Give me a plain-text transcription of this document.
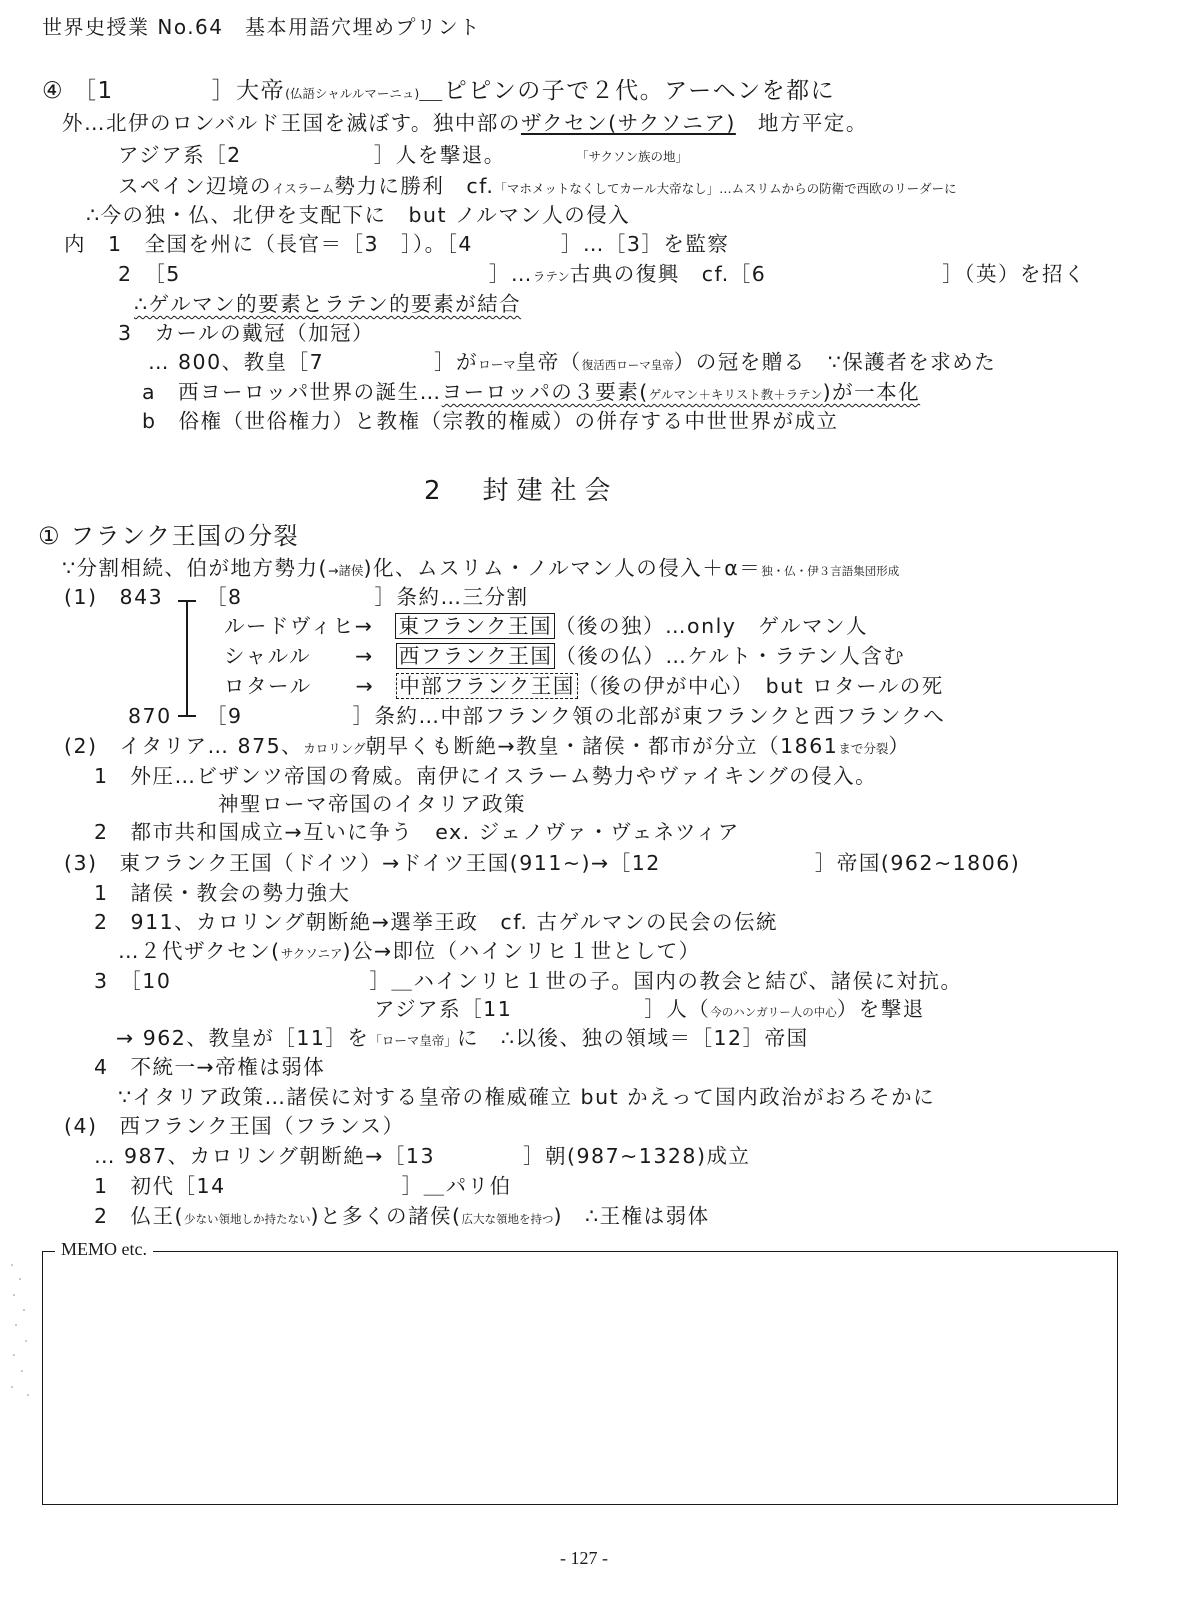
世界史授業 No.64　基本用語穴埋めプリント
④ ［1　　　　］大帝(仏語シャルルマーニュ)＿ピピンの子で２代。アーヘンを都に
外…北伊のロンバルド王国を滅ぼす。独中部のザクセン(サクソニア)　 地方平定。
アジア系［2　　　　　　］人を撃退。	「サクソン族の地」
スペイン辺境のイスラーム勢力に勝利　cf.「マホメットなくしてカール大帝なし」…ムスリムからの防衛で西欧のリーダーに
∴今の独・仏、北伊を支配下に　but ノルマン人の侵入
内　1　全国を州に（長官＝［3　］）。［4　　　　］…［3］を監察
2　［5　　　　　　　　　　　　　　］…ラテン古典の復興　cf.［6　　　　　　　　］（英）を招く
∴ゲルマン的要素とラテン的要素が結合
3　カールの戴冠（加冠）
… 800、教皇［7　　　　　］がローマ皇帝（復活西ローマ皇帝）の冠を贈る　∵保護者を求めた
a　西ヨーロッパ世界の誕生…ヨーロッパの３要素(ゲルマン＋キリスト教＋ラテン)が一本化
b　俗権（世俗権力）と教権（宗教的権威）の併存する中世世界が成立
2　封建社会
① フランク王国の分裂
∵分割相続、伯が地方勢力(→諸侯)化、ムスリム・ノルマン人の侵入＋α＝独・仏・伊３言語集団形成
(1)　843 ［8　　　　　　］条約…三分割
ルードヴィヒ→　 東フランク王国 （後の独）…only　ゲルマン人
シャルル　　→　 西フランク王国 （後の仏）…ケルト・ラテン人含む
ロタール　　→　 中部フランク王国 （後の伊が中心）　but ロタールの死
870 ［9　　　　　］条約…中部フランク領の北部が東フランクと西フランクへ
(2)　イタリア… 875、カロリング朝早くも断絶→教皇・諸侯・都市が分立（1861まで分裂）
1　外圧…ビザンツ帝国の脅威。南伊にイスラーム勢力やヴァイキングの侵入。
神聖ローマ帝国のイタリア政策
2　都市共和国成立→互いに争う　ex. ジェノヴァ・ヴェネツィア
(3)　東フランク王国（ドイツ）→ドイツ王国(911~)→［12　　　　　　　］帝国(962~1806)
1　諸侯・教会の勢力強大
2　911、カロリング朝断絶→選挙王政　cf. 古ゲルマンの民会の伝統
…２代ザクセン(サクソニア)公→即位（ハインリヒ１世として）
3　［10　　　　　　　　　］＿ハインリヒ１世の子。国内の教会と結び、諸侯に対抗。
アジア系［11　　　　　　］人（今のハンガリー人の中心）を撃退
→ 962、教皇が［11］を「ローマ皇帝」に　∴以後、独の領域＝［12］帝国
4　不統一→帝権は弱体
∵イタリア政策…諸侯に対する皇帝の権威確立 but かえって国内政治がおろそかに
(4)　西フランク王国（フランス）
… 987、カロリング朝断絶→［13　　　　］朝(987~1328)成立
1　初代［14　　　　　　　　］＿パリ伯
2　仏王(少ない領地しか持たない)と多くの諸侯(広大な領地を持つ)　∴王権は弱体
MEMO etc.
- 127 -
